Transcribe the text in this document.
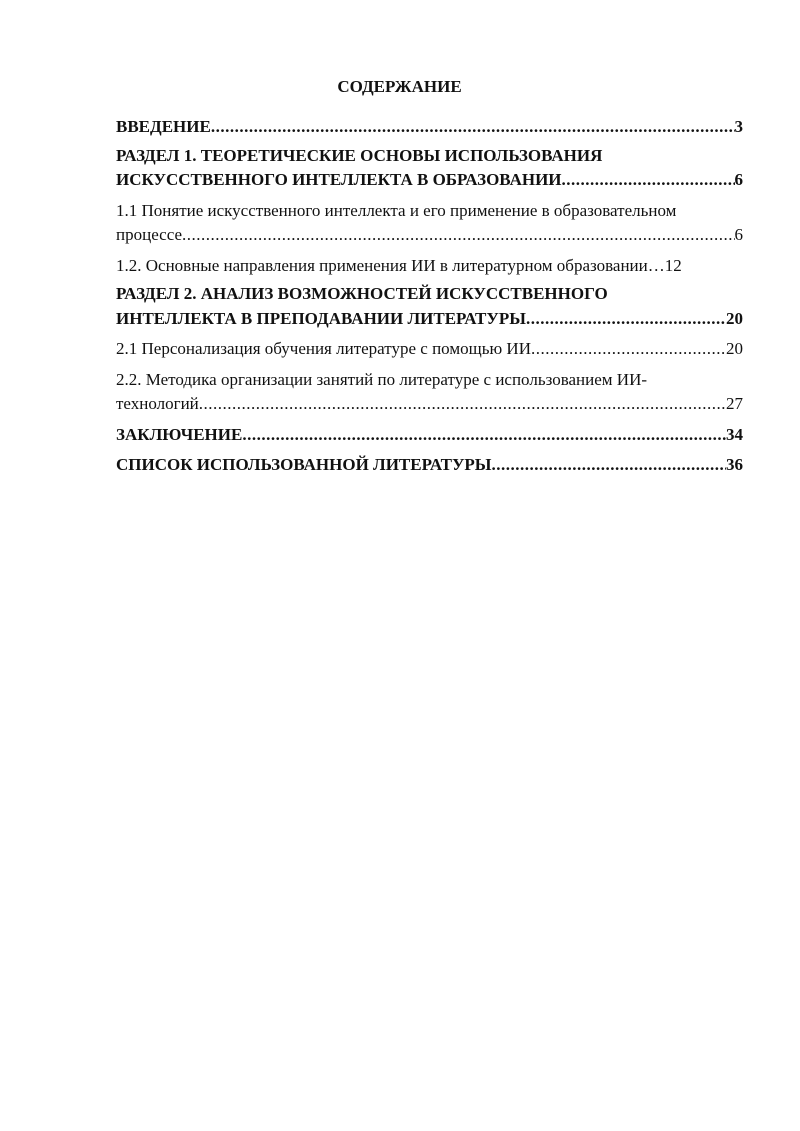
СОДЕРЖАНИЕ
ВВЕДЕНИЕ .....	3
РАЗДЕЛ 1. ТЕОРЕТИЧЕСКИЕ ОСНОВЫ ИСПОЛЬЗОВАНИЯ
ИСКУССТВЕННОГО ИНТЕЛЛЕКТА В ОБРАЗОВАНИИ .....	6
1.1 Понятие искусственного интеллекта и его применение в образовательном
процессе .....	6
1.2. Основные направления применения ИИ в литературном образовании… 12
РАЗДЕЛ 2. АНАЛИЗ ВОЗМОЖНОСТЕЙ ИСКУССТВЕННОГО
ИНТЕЛЛЕКТА В ПРЕПОДАВАНИИ ЛИТЕРАТУРЫ .....	20
2.1 Персонализация обучения литературе с помощью ИИ .....	20
2.2. Методика организации занятий по литературе с использованием ИИ-
технологий .....	27
ЗАКЛЮЧЕНИЕ .....	34
СПИСОК ИСПОЛЬЗОВАННОЙ ЛИТЕРАТУРЫ .....	36
